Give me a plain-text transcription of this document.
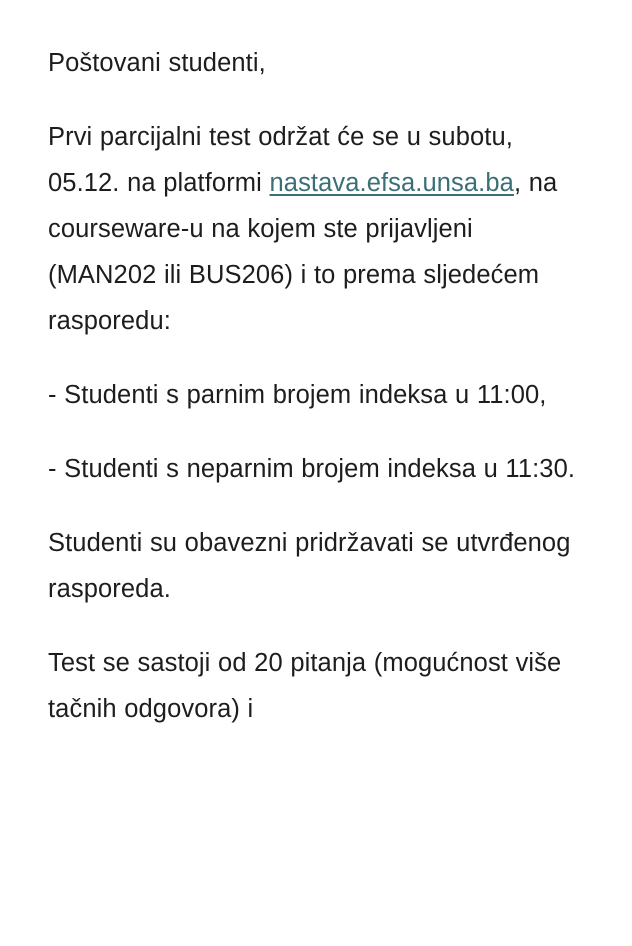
Poštovani studenti,

Prvi parcijalni test održat će se u subotu, 05.12. na platformi nastava.efsa.unsa.ba, na courseware-u na kojem ste prijavljeni (MAN202 ili BUS206) i to prema sljedećem rasporedu:

- Studenti s parnim brojem indeksa u 11:00,

- Studenti s neparnim brojem indeksa u 11:30.

Studenti su obavezni pridržavati se utvrđenog rasporeda.

Test se sastoji od 20 pitanja (mogućnost više tačnih odgovora) i
